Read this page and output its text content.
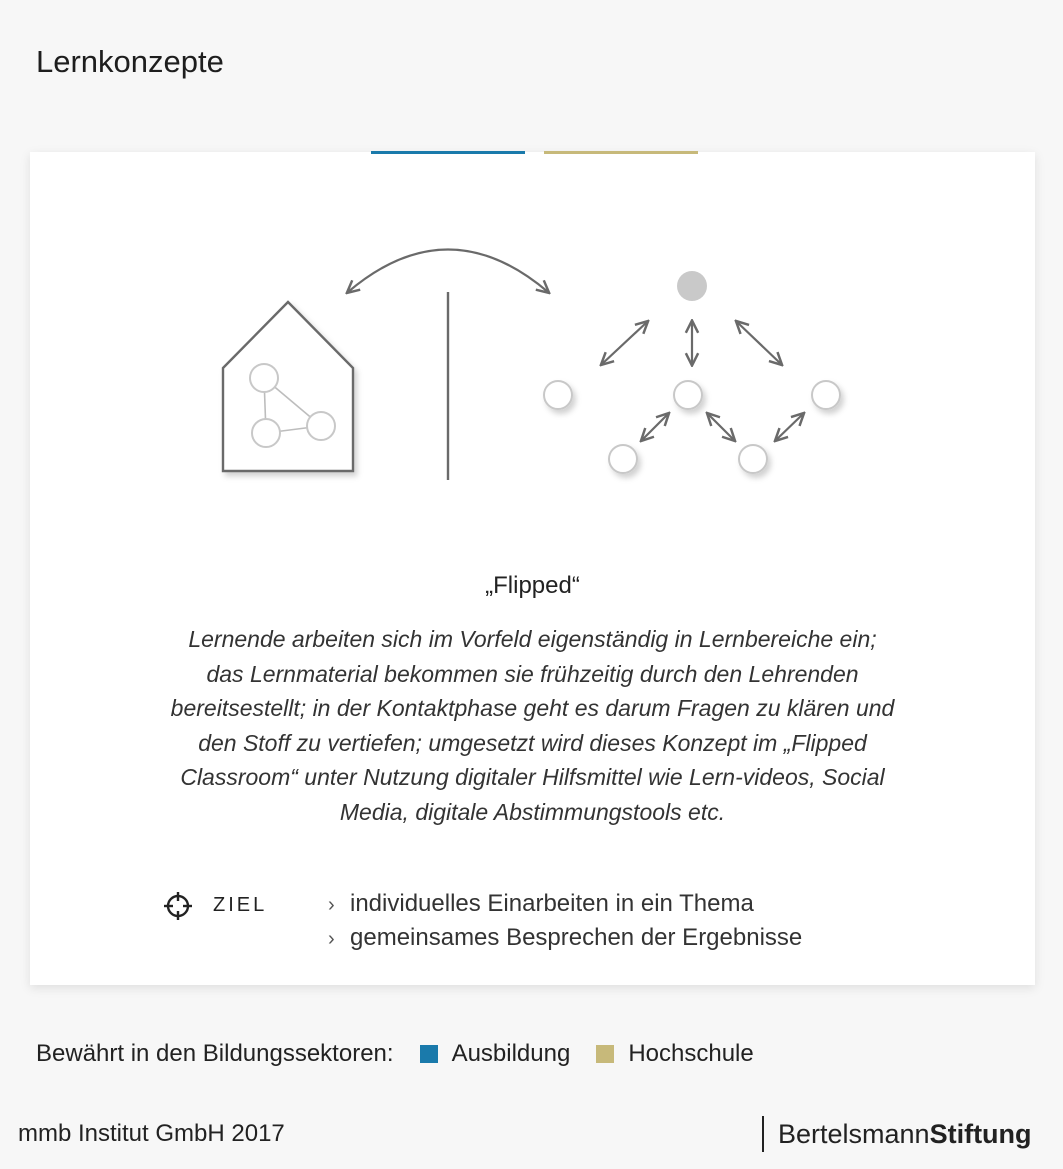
Lernkonzepte
„Flipped“

Lernende arbeiten sich im Vorfeld eigenständig in Lernbereiche ein; das Lernmaterial bekommen sie frühzeitig durch den Lehrenden bereitsestellt; in der Kontaktphase geht es darum Fragen zu klären und den Stoff zu vertiefen; umgesetzt wird dieses Konzept im „Flipped Classroom“ unter Nutzung digitaler Hilfsmittel wie Lern-videos, Social Media, digitale Abstimmungstools etc.

ZIEL	› individuelles Einarbeiten in ein Thema
› gemeinsames Besprechen der Ergebnisse
Bewährt in den Bildungssektoren: Ausbildung Hochschule
mmb Institut GmbH 2017	BertelsmannStiftung
